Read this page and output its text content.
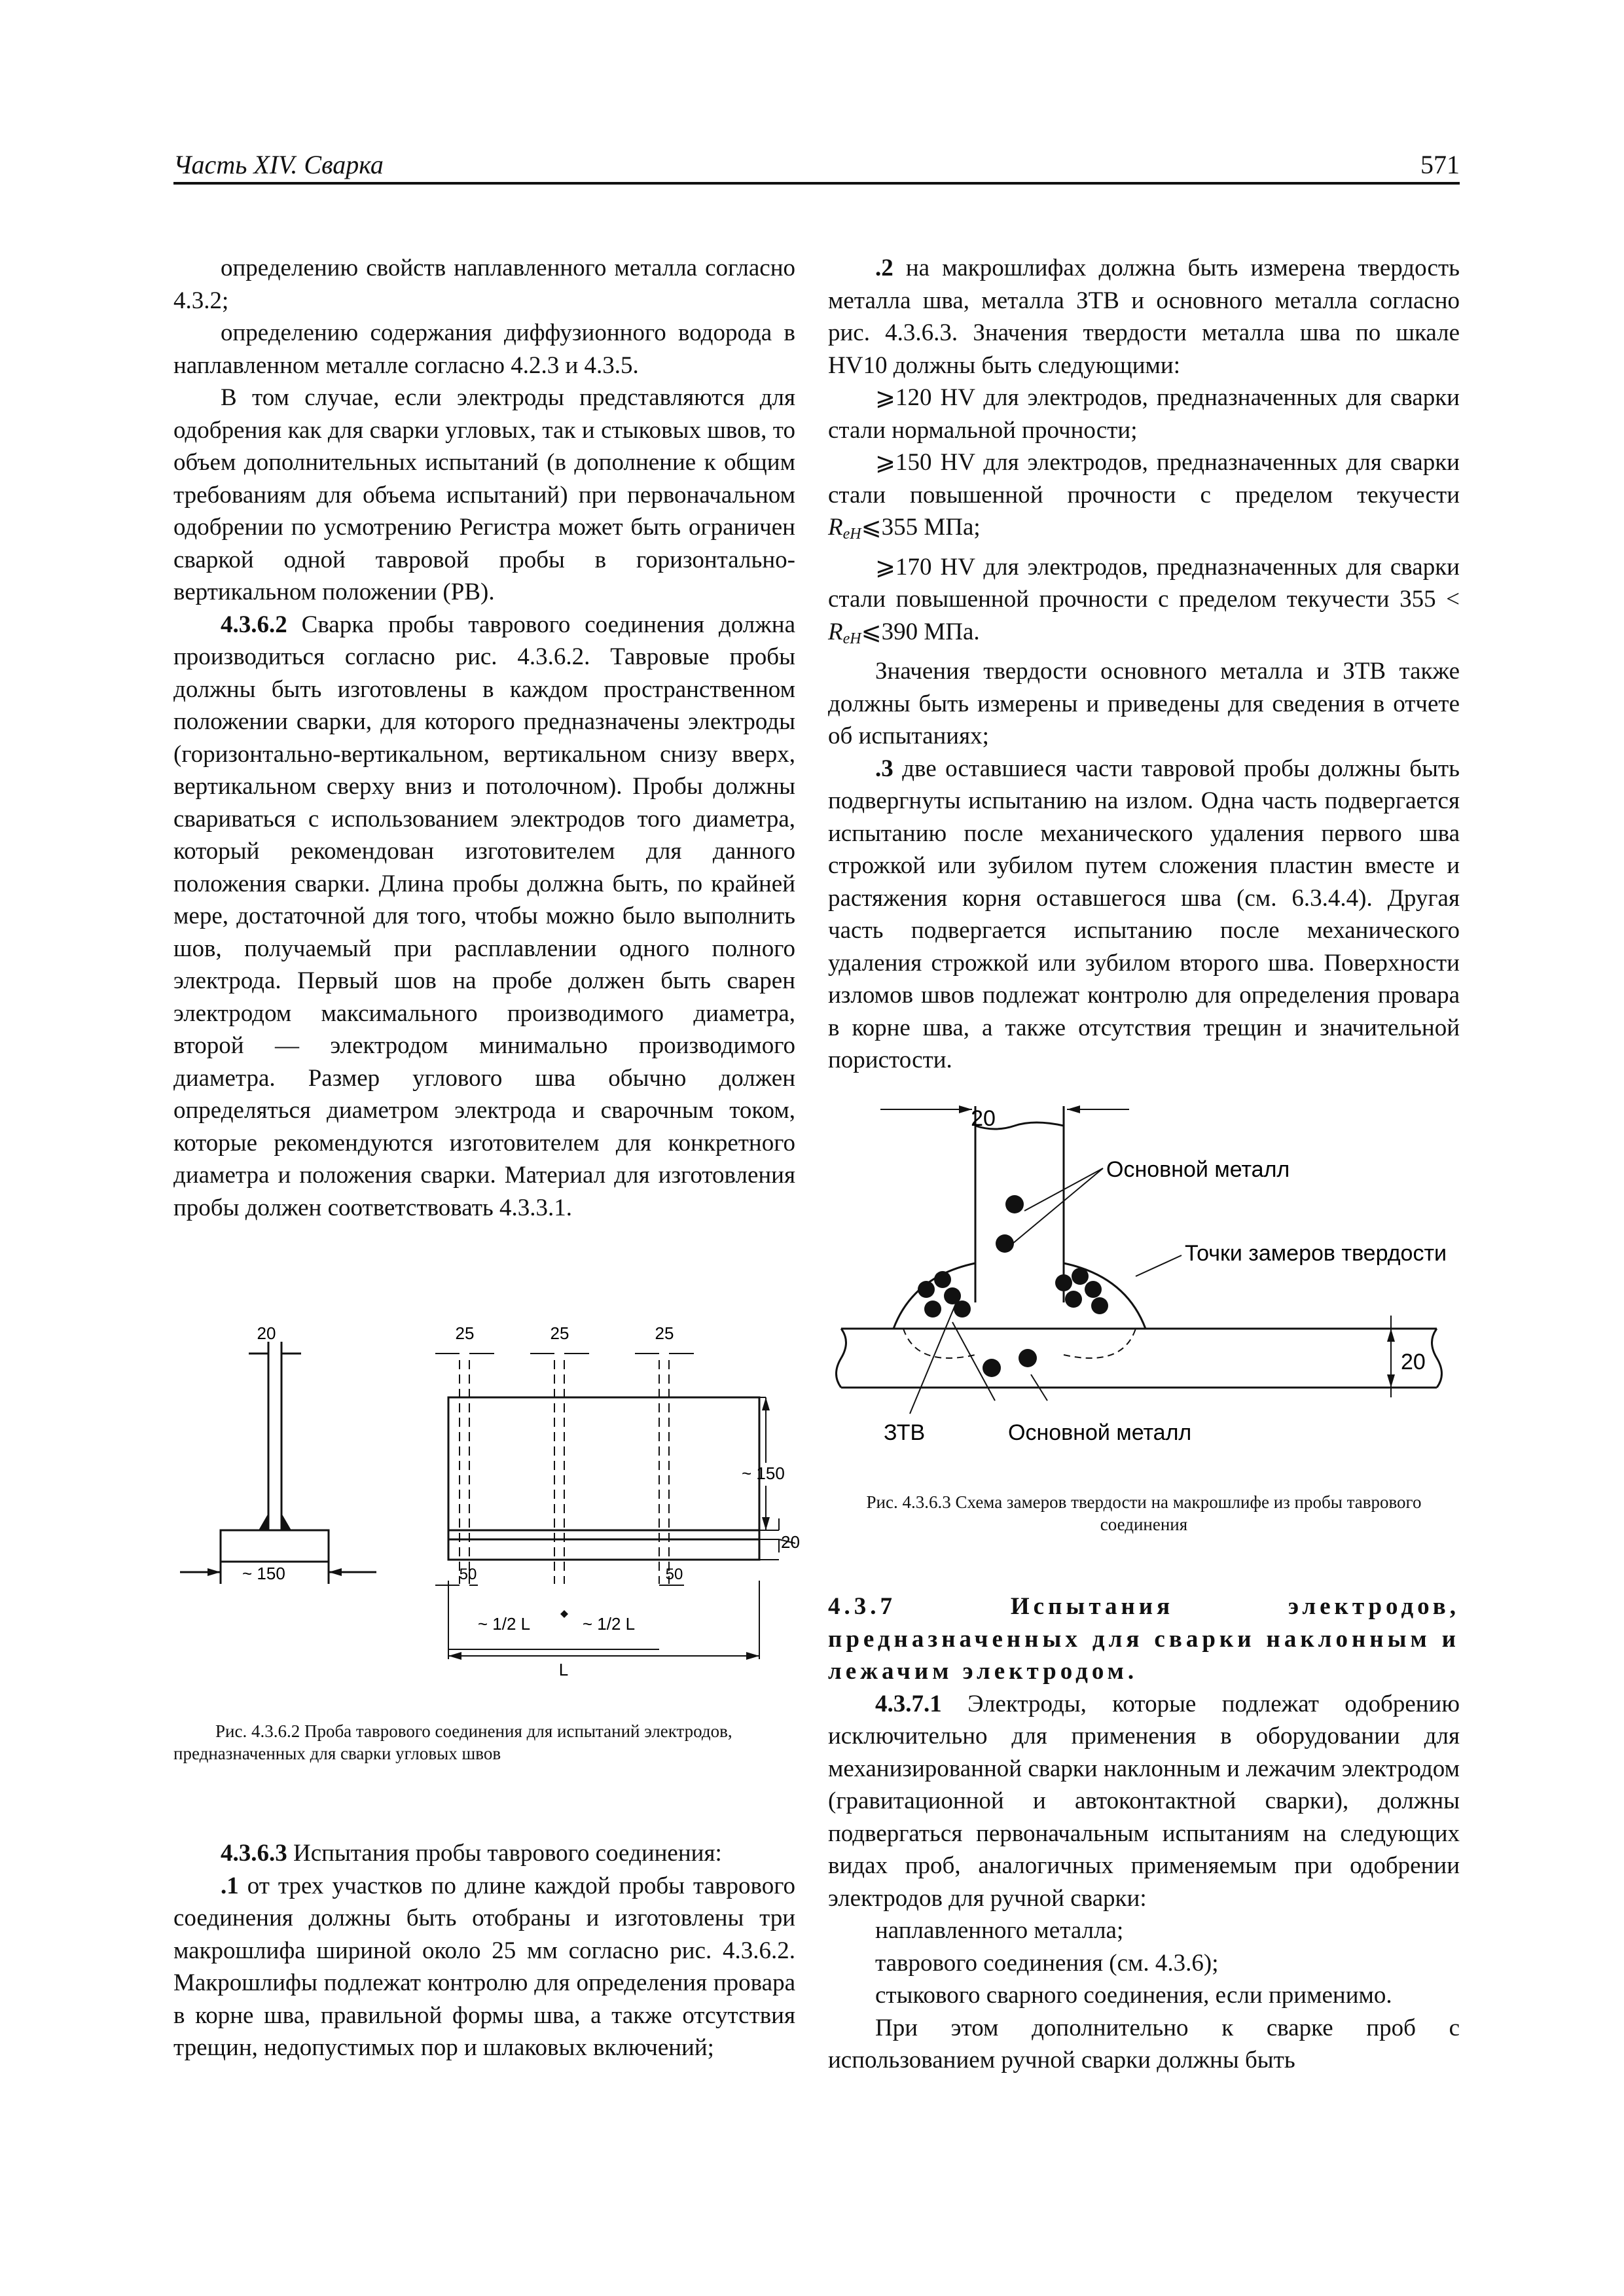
Часть XIV. Сварка	571

определению свойств наплавленного металла согласно 4.3.2;

определению содержания диффузионного водорода в наплавленном металле согласно 4.2.3 и 4.3.5.

В том случае, если электроды представляются для одобрения как для сварки угловых, так и стыковых швов, то объем дополнительных испытаний (в дополнение к общим требованиям для объема испытаний) при первоначальном одобрении по усмотрению Регистра может быть ограничен сваркой одной тавровой пробы в горизонтально-вертикальном положении (PB).

4.3.6.2 Сварка пробы таврового соединения должна производиться согласно рис. 4.3.6.2. Тавровые пробы должны быть изготовлены в каждом пространственном положении сварки, для которого предназначены электроды (горизонтально-вертикальном, вертикальном снизу вверх, вертикальном сверху вниз и потолочном). Пробы должны свариваться с использованием электродов того диаметра, который рекомендован изготовителем для данного положения сварки. Длина пробы должна быть, по крайней мере, достаточной для того, чтобы можно было выполнить шов, получаемый при расплавлении одного полного электрода. Первый шов на пробе должен быть сварен электродом максимального производимого диаметра, второй — электродом минимально производимого диаметра. Размер углового шва обычно должен определяться диаметром электрода и сварочным током, которые рекомендуются изготовителем для конкретного диаметра и положения сварки. Материал для изготовления пробы должен соответствовать 4.3.3.1.

20
~ 150
25	25	25
~ 150
20
50	50
~ 1/2 L	~ 1/2 L
L
Рис. 4.3.6.2 Проба таврового соединения для испытаний электродов, предназначенных для сварки угловых швов

4.3.6.3 Испытания пробы таврового соединения:

.1 от трех участков по длине каждой пробы таврового соединения должны быть отобраны и изготовлены три макрошлифа шириной около 25 мм согласно рис. 4.3.6.2. Макрошлифы подлежат контролю для определения провара в корне шва, правильной формы шва, а также отсутствия трещин, недопустимых пор и шлаковых включений;

.2 на макрошлифах должна быть измерена твердость металла шва, металла ЗТВ и основного металла согласно рис. 4.3.6.3. Значения твердости металла шва по шкале HV10 должны быть следующими:

⩾120 HV для электродов, предназначенных для сварки стали нормальной прочности;

⩾150 HV для электродов, предназначенных для сварки стали повышенной прочности с пределом текучести $R_{eH}⩽355$ МПа;

⩾170 HV для электродов, предназначенных для сварки стали повышенной прочности с пределом текучести $355 < R_{eH}⩽390$ МПа.

Значения твердости основного металла и ЗТВ также должны быть измерены и приведены для сведения в отчете об испытаниях;

.3 две оставшиеся части тавровой пробы должны быть подвергнуты испытанию на излом. Одна часть подвергается испытанию после механического удаления первого шва строжкой или зубилом путем сложения пластин вместе и растяжения корня оставшегося шва (см. 6.3.4.4). Другая часть подвергается испытанию после механического удаления строжкой или зубилом второго шва. Поверхности изломов швов подлежат контролю для определения провара в корне шва, а также отсутствия трещин и значительной пористости.

20
20
Основной металл
Точки замеров твердости
ЗТВ	Основной металл
Рис. 4.3.6.3 Схема замеров твердости на макрошлифе из пробы таврового соединения

4.3.7 Испытания электродов, предназначенных для сварки наклонным и лежачим электродом.

4.3.7.1 Электроды, которые подлежат одобрению исключительно для применения в оборудовании для механизированной сварки наклонным и лежачим электродом (гравитационной и автоконтактной сварки), должны подвергаться первоначальным испытаниям на следующих видах проб, аналогичных применяемым при одобрении электродов для ручной сварки:

наплавленного металла;

таврового соединения (см. 4.3.6);

стыкового сварного соединения, если применимо.

При этом дополнительно к сварке проб с использованием ручной сварки должны быть
